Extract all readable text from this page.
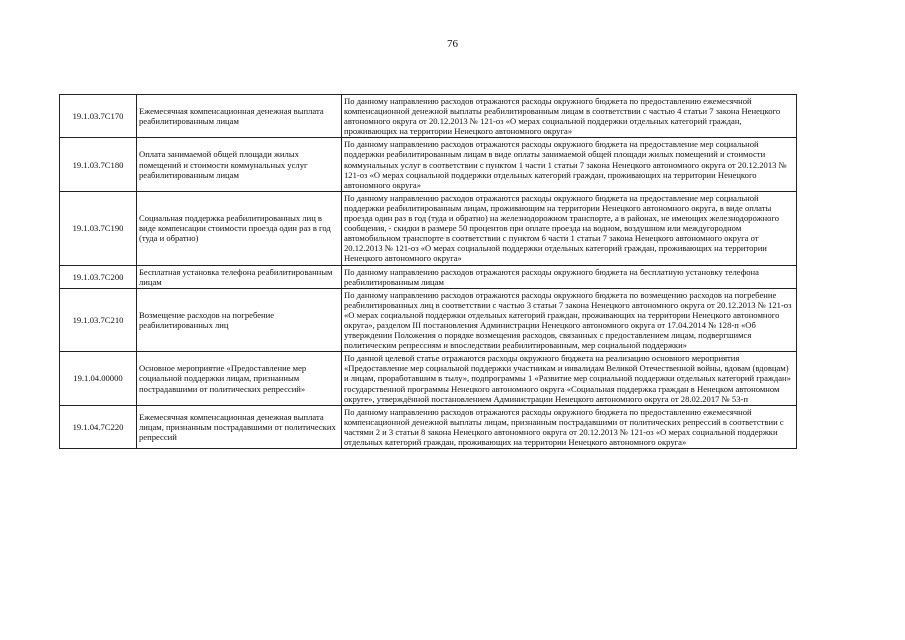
76
19.1.03.7С170	Ежемесячная компенсационная денежная выплата реабилитированным лицам	По данному направлению расходов отражаются расходы окружного бюджета по предоставлению ежемесячной компенсационной денежной выплаты реабилитированным лицам в соответствии с частью 4 статьи 7 закона Ненецкого автономного округа от 20.12.2013 № 121-оз «О мерах социальной поддержки отдельных категорий граждан, проживающих на территории Ненецкого автономного округа»
19.1.03.7С180	Оплата занимаемой общей площади жилых помещений и стоимости коммунальных услуг реабилитированным лицам	По данному направлению расходов отражаются расходы окружного бюджета на предоставление мер социальной поддержки реабилитированным лицам в виде оплаты занимаемой общей площади жилых помещений и стоимости коммунальных услуг в соответствии с пунктом 1 части 1 статьи 7 закона Ненецкого автономного округа от 20.12.2013 № 121-оз «О мерах социальной поддержки отдельных категорий граждан, проживающих на территории Ненецкого автономного округа»
19.1.03.7С190	Социальная поддержка реабилитированных лиц в виде компенсации стоимости проезда один раз в год (туда и обратно)	По данному направлению расходов отражаются расходы окружного бюджета на предоставление мер социальной поддержки реабилитированным лицам, проживающим на территории Ненецкого автономного округа, в виде оплаты проезда один раз в год (туда и обратно) на железнодорожном транспорте, а в районах, не имеющих железнодорожного сообщения, - скидки в размере 50 процентов при оплате проезда на водном, воздушном или междугородном автомобильном транспорте в соответствии с пунктом 6 части 1 статьи 7 закона Ненецкого автономного округа от 20.12.2013 № 121-оз «О мерах социальной поддержки отдельных категорий граждан, проживающих на территории Ненецкого автономного округа»
19.1.03.7С200	Бесплатная установка телефона реабилитированным лицам	По данному направлению расходов отражаются расходы окружного бюджета на бесплатную установку телефона реабилитированным лицам
19.1.03.7С210	Возмещение расходов на погребение реабилитированных лиц	По данному направлению расходов отражаются расходы окружного бюджета по возмещению расходов на погребение реабилитированных лиц в соответствии с частью 3 статьи 7 закона Ненецкого автономного округа от 20.12.2013 № 121-оз «О мерах социальной поддержки отдельных категорий граждан, проживающих на территории Ненецкого автономного округа», разделом III постановления Администрации Ненецкого автономного округа от 17.04.2014 № 128-п «Об утверждении Положения о порядке возмещения расходов, связанных с предоставлением лицам, подвергшимся политическим репрессиям и впоследствии реабилитированным, мер социальной поддержки»
19.1.04.00000	Основное мероприятие «Предоставление мер социальной поддержки лицам, признанным пострадавшими от политических репрессий»	По данной целевой статье отражаются расходы окружного бюджета на реализацию основного мероприятия «Предоставление мер социальной поддержки участникам и инвалидам Великой Отечественной войны, вдовам (вдовцам) и лицам, проработавшим в тылу», подпрограммы 1 «Развитие мер социальной поддержки отдельных категорий граждан» государственной программы Ненецкого автономного округа «Социальная поддержка граждан в Ненецком автономном округе», утверждённой постановлением Администрации Ненецкого автономного округа от 28.02.2017 № 53-п
19.1.04.7С220	Ежемесячная компенсационная денежная выплата лицам, признанным пострадавшими от политических репрессий	По данному направлению расходов отражаются расходы окружного бюджета по предоставлению ежемесячной компенсационной денежной выплаты лицам, признанным пострадавшими от политических репрессий в соответствии с частями 2 и 3 статьи 8 закона Ненецкого автономного округа от 20.12.2013 № 121-оз «О мерах социальной поддержки отдельных категорий граждан, проживающих на территории Ненецкого автономного округа»
